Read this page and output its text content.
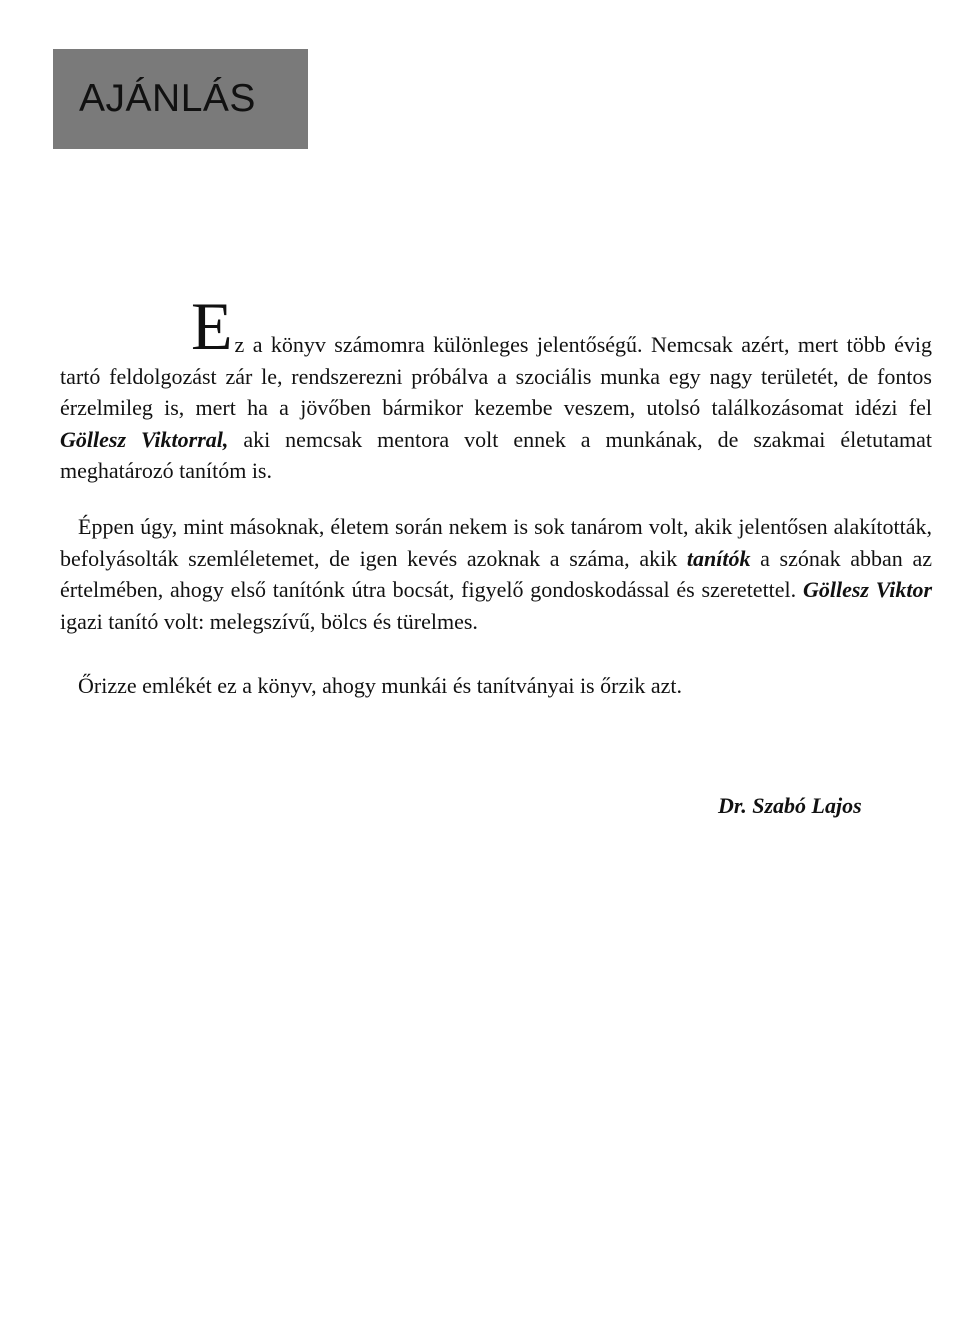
AJÁNLÁS
E z a könyv számomra különleges jelentőségű. Nemcsak azért, mert több évig tartó feldolgozást zár le, rendszerezni próbálva a szociális munka egy nagy területét, de fontos érzelmileg is, mert ha a jövőben bármikor kezembe veszem, utolsó találkozásomat idézi fel Göllesz Viktorral, aki nemcsak mentora volt ennek a munkának, de szakmai életutamat meghatározó tanítóm is.
Éppen úgy, mint másoknak, életem során nekem is sok tanárom volt, akik jelentősen alakították, befolyásolták szemléletemet, de igen kevés azoknak a száma, akik tanítók a szónak abban az értelmében, ahogy első tanítónk útra bocsát, figyelő gondoskodással és szeretettel. Göllesz Viktor igazi tanító volt: melegszívű, bölcs és türelmes.
Őrizze emlékét ez a könyv, ahogy munkái és tanítványai is őrzik azt.
Dr. Szabó Lajos
